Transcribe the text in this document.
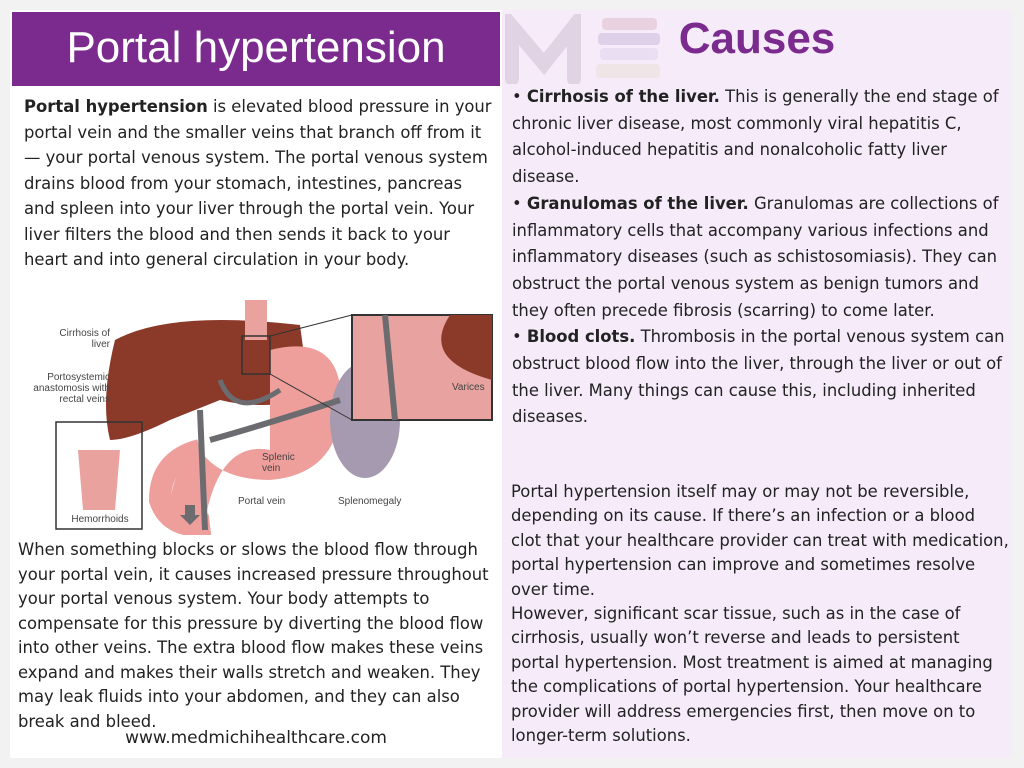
Portal hypertension

Portal hypertension is elevated blood pressure in your portal vein and the smaller veins that branch off from it — your portal venous system. The portal venous system drains blood from your stomach, intestines, pancreas and spleen into your liver through the portal vein. Your liver filters the blood and then sends it back to your heart and into general circulation in your body.

Cirrhosis of liver
Portosystemic anastomosis with rectal veins
Hemorrhoids
Splenic vein
Portal vein	Splenomegaly
Varices

When something blocks or slows the blood flow through your portal vein, it causes increased pressure throughout your portal venous system. Your body attempts to compensate for this pressure by diverting the blood flow into other veins. The extra blood flow makes these veins expand and makes their walls stretch and weaken. They may leak fluids into your abdomen, and they can also break and bleed.

www.medmichihealthcare.com
Causes

• Cirrhosis of the liver. This is generally the end stage of chronic liver disease, most commonly viral hepatitis C, alcohol-induced hepatitis and nonalcoholic fatty liver disease.

• Granulomas of the liver. Granulomas are collections of inflammatory cells that accompany various infections and inflammatory diseases (such as schistosomiasis). They can obstruct the portal venous system as benign tumors and they often precede fibrosis (scarring) to come later.

• Blood clots. Thrombosis in the portal venous system can obstruct blood flow into the liver, through the liver or out of the liver. Many things can cause this, including inherited diseases.

Portal hypertension itself may or may not be reversible, depending on its cause. If there’s an infection or a blood clot that your healthcare provider can treat with medication, portal hypertension can improve and sometimes resolve over time.

However, significant scar tissue, such as in the case of cirrhosis, usually won’t reverse and leads to persistent portal hypertension. Most treatment is aimed at managing the complications of portal hypertension. Your healthcare provider will address emergencies first, then move on to longer-term solutions.
